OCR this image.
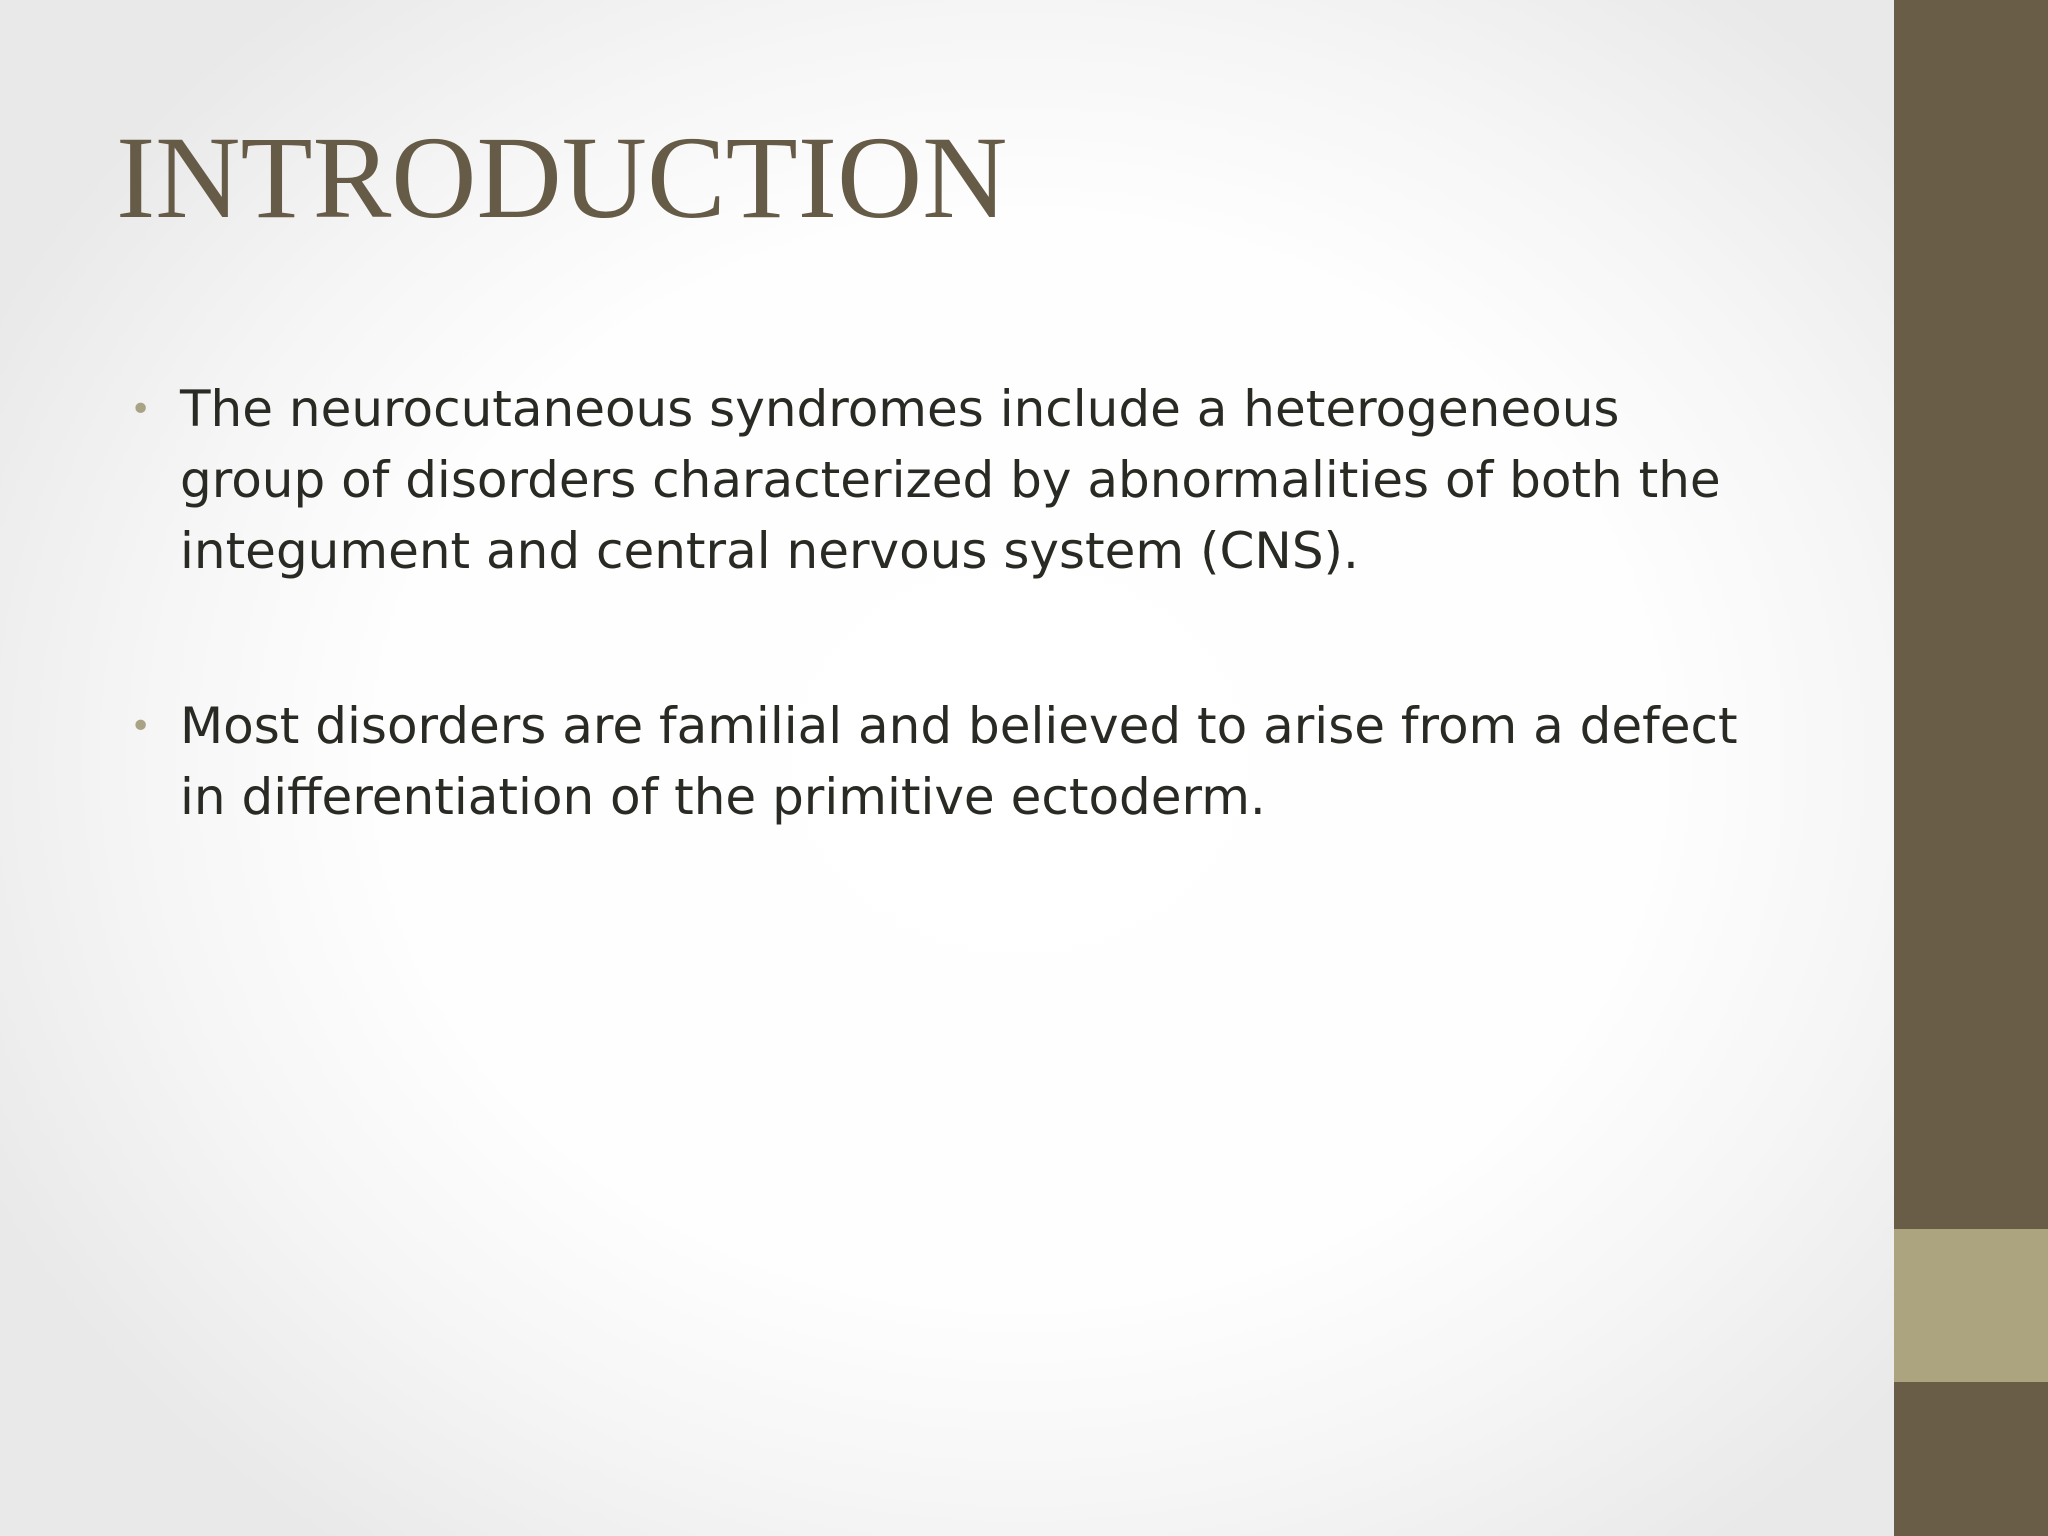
INTRODUCTION
• The neurocutaneous syndromes include a heterogeneous group of disorders characterized by abnormalities of both the integument and central nervous system (CNS).
• Most disorders are familial and believed to arise from a defect in differentiation of the primitive ectoderm.
